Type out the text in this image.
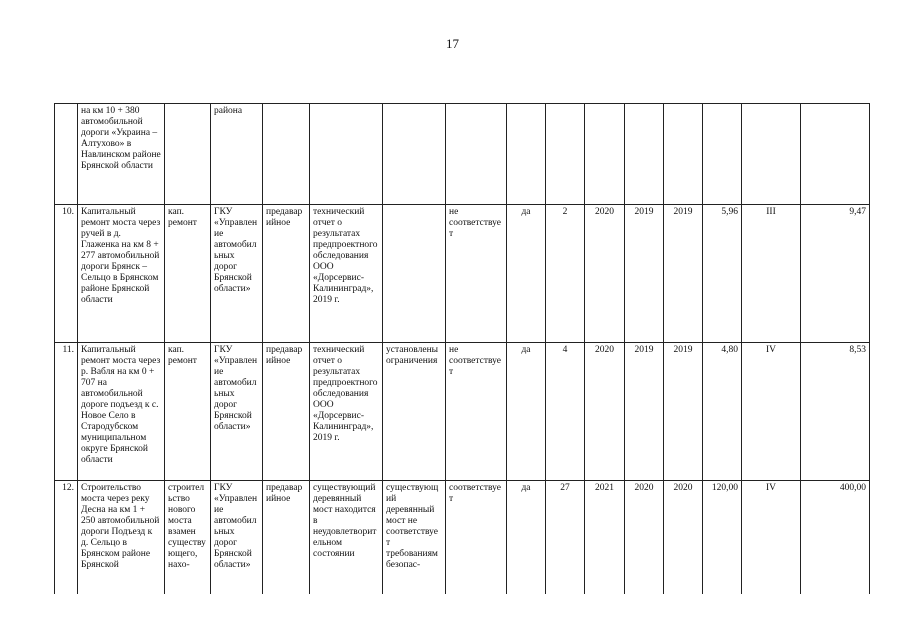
17
	на км 10 + 380 автомобильной дороги «Украина – Алтухово» в Навлинском районе Брянской области		района												
10.	Капитальный ремонт моста через ручей в д. Глаженка на км 8 + 277 автомобильной дороги Брянск – Сельцо в Брянском районе Брянской области	кап. ремонт	ГКУ «Управление автомобильных дорог Брянской области»	предаварийное	технический отчет о результатах предпроектного обследования ООО «Дорсервис-Калининград», 2019 г.		не соответствует	да	2	2020	2019	2019	5,96	III	9,47
11.	Капитальный ремонт моста через р. Вабля на км 0 + 707 на автомобильной дороге подъезд к с. Новое Село в Стародубском муниципальном округе Брянской области	кап. ремонт	ГКУ «Управление автомобильных дорог Брянской области»	предаварийное	технический отчет о результатах предпроектного обследования ООО «Дорсервис-Калининград», 2019 г.	установлены ограничения	не соответствует	да	4	2020	2019	2019	4,80	IV	8,53
12.	Строительство моста через реку Десна на км 1 + 250 автомобильной дороги Подъезд к д. Сельцо в Брянском районе Брянской	строительство нового моста взамен существующего, нахо-	ГКУ «Управление автомобильных дорог Брянской области»	предаварийное	существующий деревянный мост находится в неудовлетворительном состоянии	существующий деревянный мост не соответствует требованиям безопас-	соответствует	да	27	2021	2020	2020	120,00	IV	400,00
